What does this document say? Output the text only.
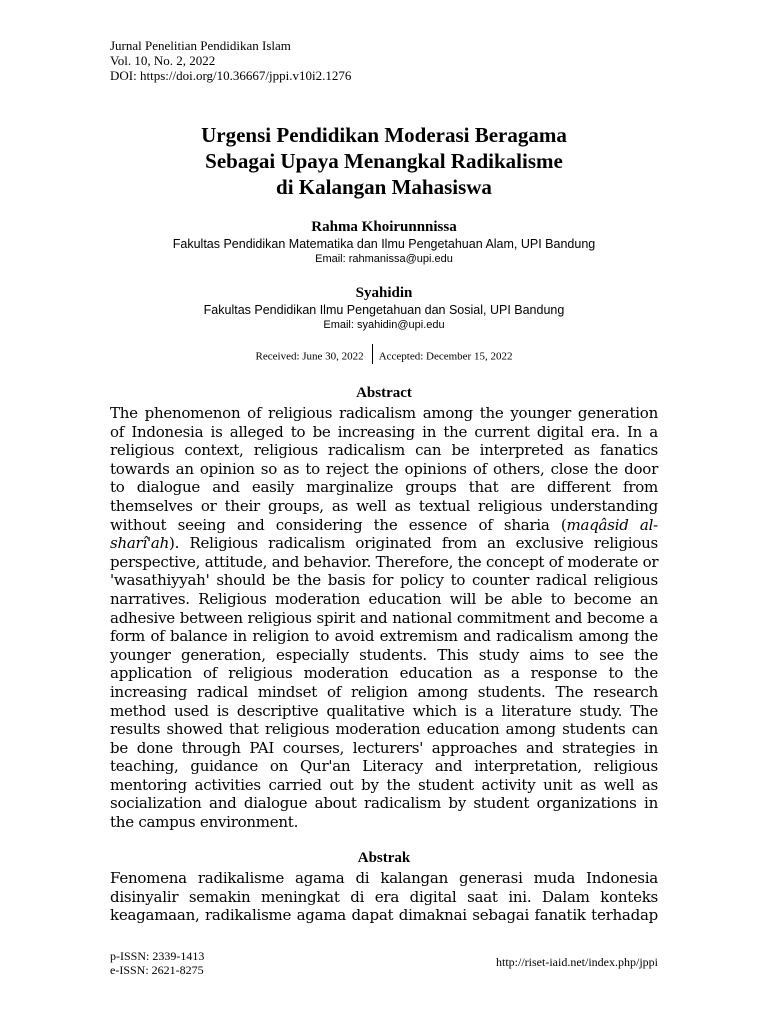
Jurnal Penelitian Pendidikan Islam
Vol. 10, No. 2, 2022
DOI: https://doi.org/10.36667/jppi.v10i2.1276
Urgensi Pendidikan Moderasi Beragama
Sebagai Upaya Menangkal Radikalisme
di Kalangan Mahasiswa
Rahma Khoirunnnissa
Fakultas Pendidikan Matematika dan Ilmu Pengetahuan Alam, UPI Bandung
Email: rahmanissa@upi.edu
Syahidin
Fakultas Pendidikan Ilmu Pengetahuan dan Sosial, UPI Bandung
Email: syahidin@upi.edu
Received: June 30, 2022 Accepted: December 15, 2022
Abstract
The phenomenon of religious radicalism among the younger generation
of Indonesia is alleged to be increasing in the current digital era. In a
religious context, religious radicalism can be interpreted as fanatics
towards an opinion so as to reject the opinions of others, close the door
to dialogue and easily marginalize groups that are different from
themselves or their groups, as well as textual religious understanding
without seeing and considering the essence of sharia (maqâsid al-
sharî'ah). Religious radicalism originated from an exclusive religious
perspective, attitude, and behavior. Therefore, the concept of moderate or
'wasathiyyah' should be the basis for policy to counter radical religious
narratives. Religious moderation education will be able to become an
adhesive between religious spirit and national commitment and become a
form of balance in religion to avoid extremism and radicalism among the
younger generation, especially students. This study aims to see the
application of religious moderation education as a response to the
increasing radical mindset of religion among students. The research
method used is descriptive qualitative which is a literature study. The
results showed that religious moderation education among students can
be done through PAI courses, lecturers' approaches and strategies in
teaching, guidance on Qur'an Literacy and interpretation, religious
mentoring activities carried out by the student activity unit as well as
socialization and dialogue about radicalism by student organizations in
the campus environment.
Abstrak
Fenomena radikalisme agama di kalangan generasi muda Indonesia
disinyalir semakin meningkat di era digital saat ini. Dalam konteks
keagamaan, radikalisme agama dapat dimaknai sebagai fanatik terhadap
p-ISSN: 2339-1413
e-ISSN: 2621-8275
http://riset-iaid.net/index.php/jppi
